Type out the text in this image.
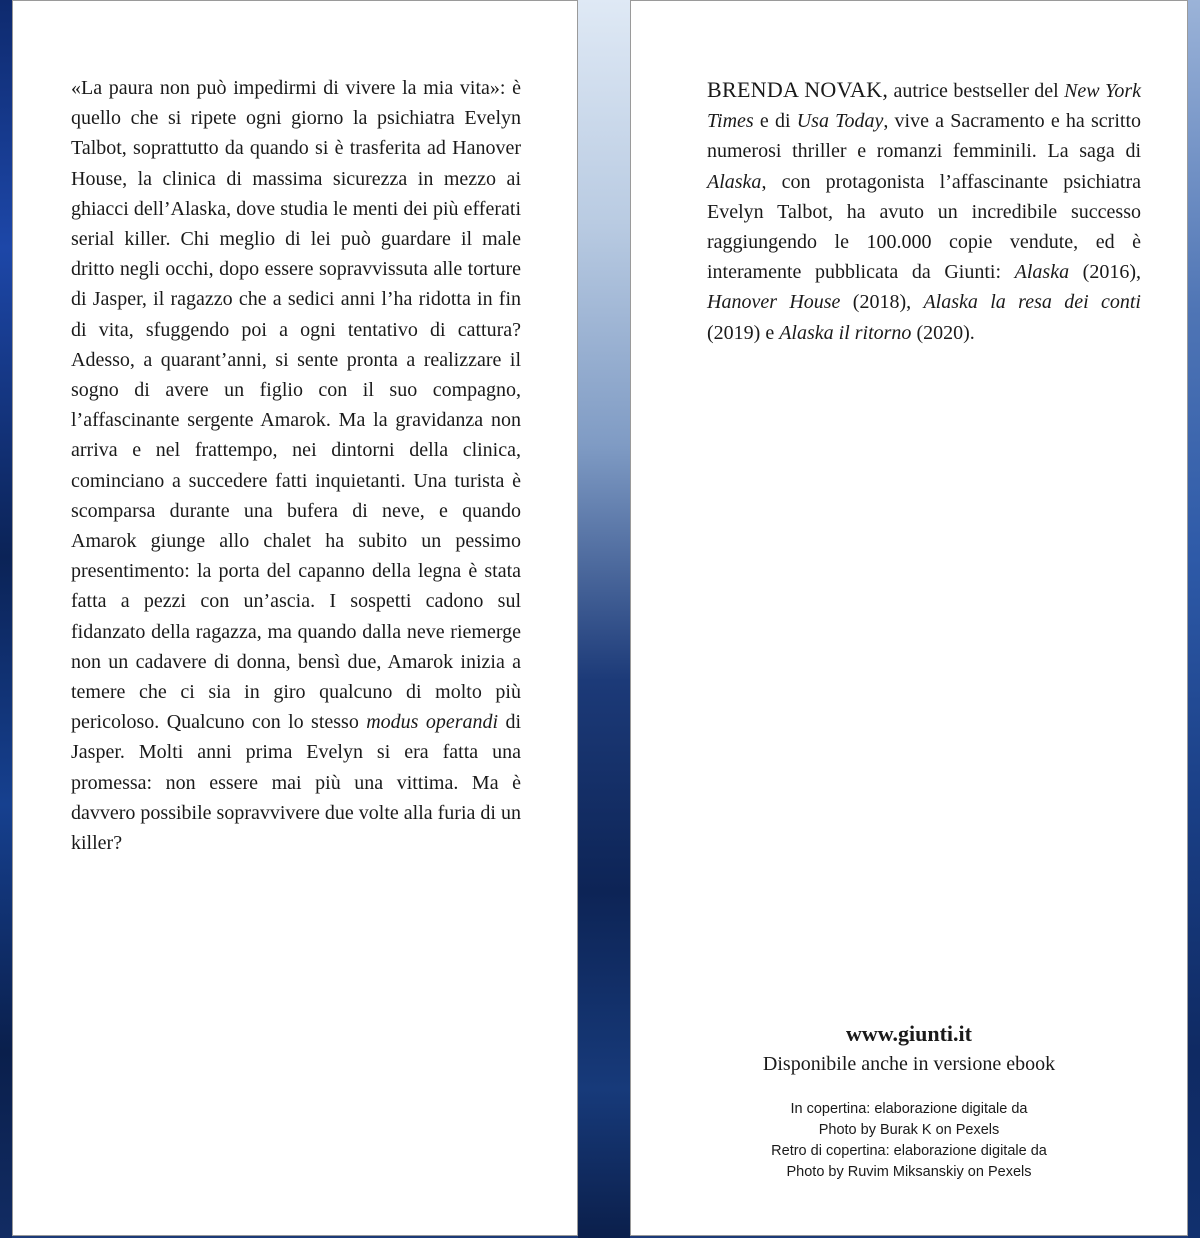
«La paura non può impedirmi di vivere la mia vita»: è quello che si ripete ogni giorno la psichiatra Evelyn Talbot, soprattutto da quando si è trasferita ad Hanover House, la clinica di massima sicurezza in mezzo ai ghiacci dell’Alaska, dove studia le menti dei più efferati serial killer. Chi meglio di lei può guardare il male dritto negli occhi, dopo essere sopravvissuta alle torture di Jasper, il ragazzo che a sedici anni l’ha ridotta in fin di vita, sfuggendo poi a ogni tentativo di cattura? Adesso, a quarant’anni, si sente pronta a realizzare il sogno di avere un figlio con il suo compagno, l’affascinante sergente Amarok. Ma la gravidanza non arriva e nel frattempo, nei dintorni della clinica, cominciano a succedere fatti inquietanti. Una turista è scomparsa durante una bufera di neve, e quando Amarok giunge allo chalet ha subito un pessimo presentimento: la porta del capanno della legna è stata fatta a pezzi con un’ascia. I sospetti cadono sul fidanzato della ragazza, ma quando dalla neve riemerge non un cadavere di donna, bensì due, Amarok inizia a temere che ci sia in giro qualcuno di molto più pericoloso. Qualcuno con lo stesso modus operandi di Jasper. Molti anni prima Evelyn si era fatta una promessa: non essere mai più una vittima. Ma è davvero possibile sopravvivere due volte alla furia di un killer?

BRENDA NOVAK, autrice bestseller del New York Times e di Usa Today, vive a Sacramento e ha scritto numerosi thriller e romanzi femminili. La saga di Alaska, con protagonista l’affascinante psichiatra Evelyn Talbot, ha avuto un incredibile successo raggiungendo le 100.000 copie vendute, ed è interamente pubblicata da Giunti: Alaska (2016), Hanover House (2018), Alaska la resa dei conti (2019) e Alaska il ritorno (2020).

www.giunti.it

Disponibile anche in versione ebook

In copertina: elaborazione digitale da
Photo by Burak K on Pexels
Retro di copertina: elaborazione digitale da
Photo by Ruvim Miksanskiy on Pexels
